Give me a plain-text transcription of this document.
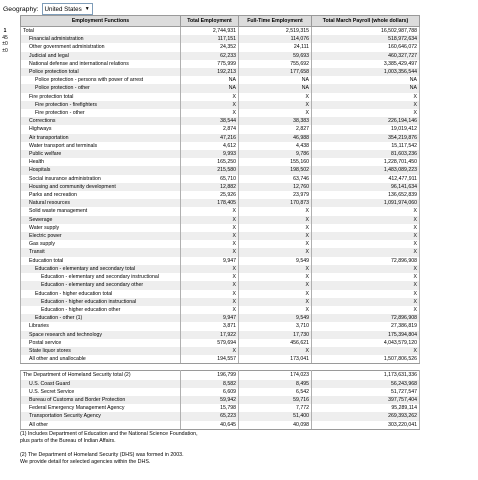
Geography: United States ▼
1
45
±0
±0
Employment Functions	Total Employment	Full-Time Employment	Total March Payroll (whole dollars)
Total	2,744,931	2,519,315	16,502,987,788
Financial administration	117,151	114,076	518,972,634
Other government administration	24,352	24,111	160,646,072
Judicial and legal	62,233	59,693	460,327,727
National defense and international relations	775,999	755,692	3,385,429,497
Police protection total	192,213	177,658	1,003,356,544
Police protection - persons with power of arrest	NA	NA	NA
Police protection - other	NA	NA	NA
Fire protection total	X	X	X
Fire protection - firefighters	X	X	X
Fire protection - other	X	X	X
Corrections	38,544	38,383	226,194,146
Highways	2,874	2,827	19,019,412
Air transportation	47,216	46,988	354,219,876
Water transport and terminals	4,612	4,438	15,117,542
Public welfare	9,993	9,786	81,603,236
Health	165,250	155,160	1,228,701,450
Hospitals	215,580	198,502	1,483,089,223
Social insurance administration	65,710	63,746	412,477,911
Housing and community development	12,882	12,760	96,141,634
Parks and recreation	25,926	23,979	136,652,839
Natural resources	178,405	170,873	1,091,974,060
Solid waste management	X	X	X
Sewerage	X	X	X
Water supply	X	X	X
Electric power	X	X	X
Gas supply	X	X	X
Transit	X	X	X
Education total	9,947	9,549	72,896,908
Education - elementary and secondary total	X	X	X
Education - elementary and secondary instructional	X	X	X
Education - elementary and secondary other	X	X	X
Education - higher education total	X	X	X
Education - higher education instructional	X	X	X
Education - higher education other	X	X	X
Education - other (1)	9,947	9,549	72,896,908
Libraries	3,871	3,710	27,386,819
Space research and technology	17,922	17,730	175,394,804
Postal service	579,694	456,621	4,043,579,120
State liquor stores	X	X	X
All other and unallocable	194,557	173,041	1,507,806,526

The Department of Homeland Security total (2)	196,799	174,023	1,173,631,336
U.S. Coast Guard	8,582	8,495	56,243,968
U.S. Secret Service	6,609	6,542	51,727,547
Bureau of Customs and Border Protection	59,942	59,716	397,757,404
Federal Emergency Management Agency	15,798	7,772	95,289,114
Transportation Security Agency	65,223	51,400	269,393,262
All other	40,645	40,098	303,220,041

(1) Includes Department of Education and the National Science Foundation,

plus parts of the Bureau of Indian Affairs.

(2) The Department of Homeland Security (DHS) was formed in 2003.

We provide detail for selected agencies within the DHS.
